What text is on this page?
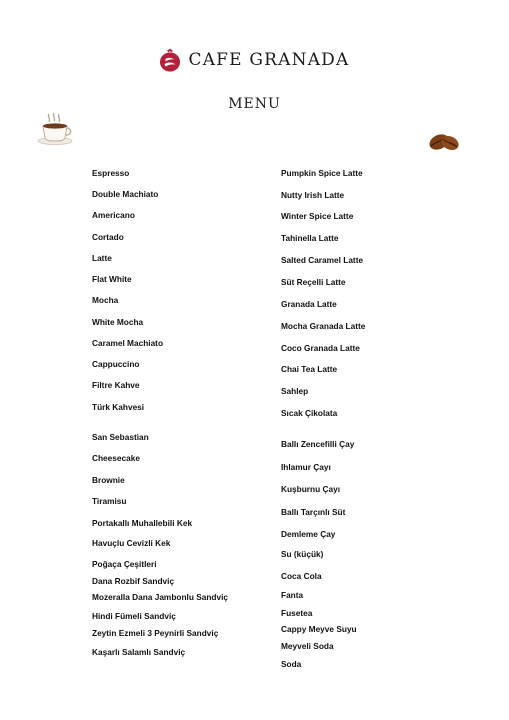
CAFE GRANADA
MENU
Espresso
Double Machiato
Americano
Cortado
Latte
Flat White
Mocha
White Mocha
Caramel Machiato
Cappuccino
Filtre Kahve
Türk Kahvesi
San Sebastian
Cheesecake
Brownie
Tiramisu
Portakallı Muhallebili Kek
Havuçlu Cevizli Kek
Poğaça Çeşitleri
Dana Rozbif Sandviç
Mozeralla Dana Jambonlu Sandviç
Hindi Fümeli Sandviç
Zeytin Ezmeli 3 Peynirli Sandviç
Kaşarlı Salamlı Sandviç
Pumpkin Spice Latte
Nutty Irish Latte
Winter Spice Latte
Tahinella Latte
Salted Caramel Latte
Süt Reçelli Latte
Granada Latte
Mocha Granada Latte
Coco Granada Latte
Chai Tea Latte
Sahlep
Sıcak Çikolata
Ballı Zencefilli Çay
Ihlamur Çayı
Kuşburnu Çayı
Ballı Tarçınlı Süt
Demleme Çay
Su (küçük)
Coca Cola
Fanta
Fusetea
Cappy Meyve Suyu
Meyveli Soda
Soda
